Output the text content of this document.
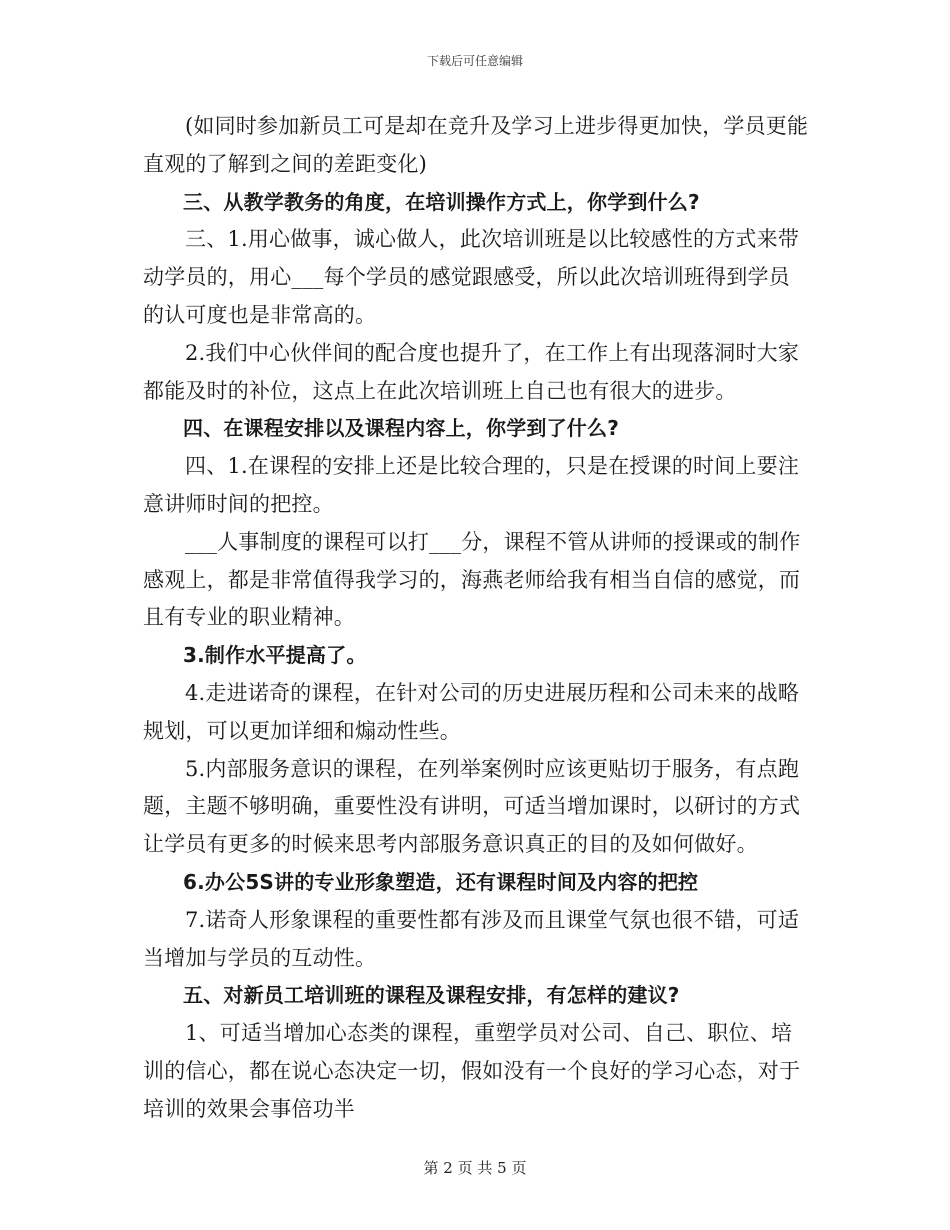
下载后可任意编辑

(如同时参加新员工可是却在竞升及学习上进步得更加快，学员更能直观的了解到之间的差距变化)

三、从教学教务的角度，在培训操作方式上，你学到什么?

三、1.用心做事，诚心做人，此次培训班是以比较感性的方式来带动学员的，用心___每个学员的感觉跟感受，所以此次培训班得到学员的认可度也是非常高的。

2.我们中心伙伴间的配合度也提升了，在工作上有出现落洞时大家都能及时的补位，这点上在此次培训班上自己也有很大的进步。

四、在课程安排以及课程内容上，你学到了什么?

四、1.在课程的安排上还是比较合理的，只是在授课的时间上要注意讲师时间的把控。

___人事制度的课程可以打___分，课程不管从讲师的授课或的制作感观上，都是非常值得我学习的，海燕老师给我有相当自信的感觉，而且有专业的职业精神。

3.制作水平提高了。

4.走进诺奇的课程，在针对公司的历史进展历程和公司未来的战略规划，可以更加详细和煽动性些。

5.内部服务意识的课程，在列举案例时应该更贴切于服务，有点跑题，主题不够明确，重要性没有讲明，可适当增加课时，以研讨的方式让学员有更多的时候来思考内部服务意识真正的目的及如何做好。

6.办公5S讲的专业形象塑造，还有课程时间及内容的把控

7.诺奇人形象课程的重要性都有涉及而且课堂气氛也很不错，可适当增加与学员的互动性。

五、对新员工培训班的课程及课程安排，有怎样的建议?

1、可适当增加心态类的课程，重塑学员对公司、自己、职位、培训的信心，都在说心态决定一切，假如没有一个良好的学习心态，对于培训的效果会事倍功半

第 2 页 共 5 页
